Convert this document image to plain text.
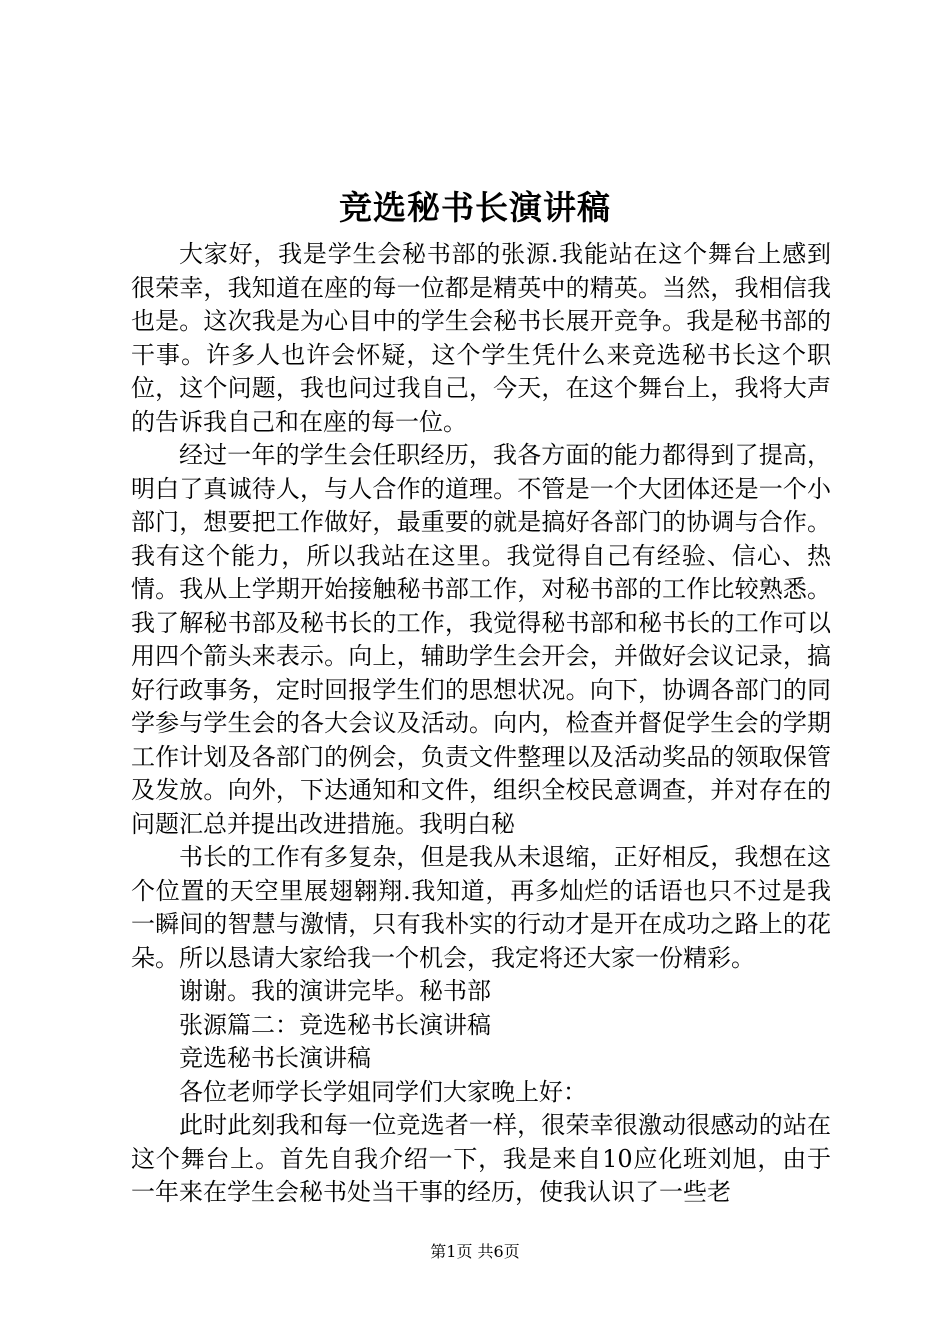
竞选秘书长演讲稿

大家好，我是学生会秘书部的张源.我能站在这个舞台上感到很荣幸，我知道在座的每一位都是精英中的精英。当然，我相信我也是。这次我是为心目中的学生会秘书长展开竞争。我是秘书部的干事。许多人也许会怀疑，这个学生凭什么来竞选秘书长这个职位，这个问题，我也问过我自己，今天，在这个舞台上，我将大声的告诉我自己和在座的每一位。

经过一年的学生会任职经历，我各方面的能力都得到了提高，明白了真诚待人，与人合作的道理。不管是一个大团体还是一个小部门，想要把工作做好，最重要的就是搞好各部门的协调与合作。我有这个能力，所以我站在这里。我觉得自己有经验、信心、热情。我从上学期开始接触秘书部工作，对秘书部的工作比较熟悉。我了解秘书部及秘书长的工作，我觉得秘书部和秘书长的工作可以用四个箭头来表示。向上，辅助学生会开会，并做好会议记录，搞好行政事务，定时回报学生们的思想状况。向下，协调各部门的同学参与学生会的各大会议及活动。向内，检查并督促学生会的学期工作计划及各部门的例会，负责文件整理以及活动奖品的领取保管及发放。向外，下达通知和文件，组织全校民意调查，并对存在的问题汇总并提出改进措施。我明白秘

书长的工作有多复杂，但是我从未退缩，正好相反，我想在这个位置的天空里展翅翱翔.我知道，再多灿烂的话语也只不过是我一瞬间的智慧与激情，只有我朴实的行动才是开在成功之路上的花朵。所以恳请大家给我一个机会，我定将还大家一份精彩。

谢谢。我的演讲完毕。秘书部

张源篇二：竞选秘书长演讲稿

竞选秘书长演讲稿

各位老师学长学姐同学们大家晚上好：

此时此刻我和每一位竞选者一样，很荣幸很激动很感动的站在这个舞台上。首先自我介绍一下，我是来自10应化班刘旭，由于一年来在学生会秘书处当干事的经历，使我认识了一些老

第1页 共6页
